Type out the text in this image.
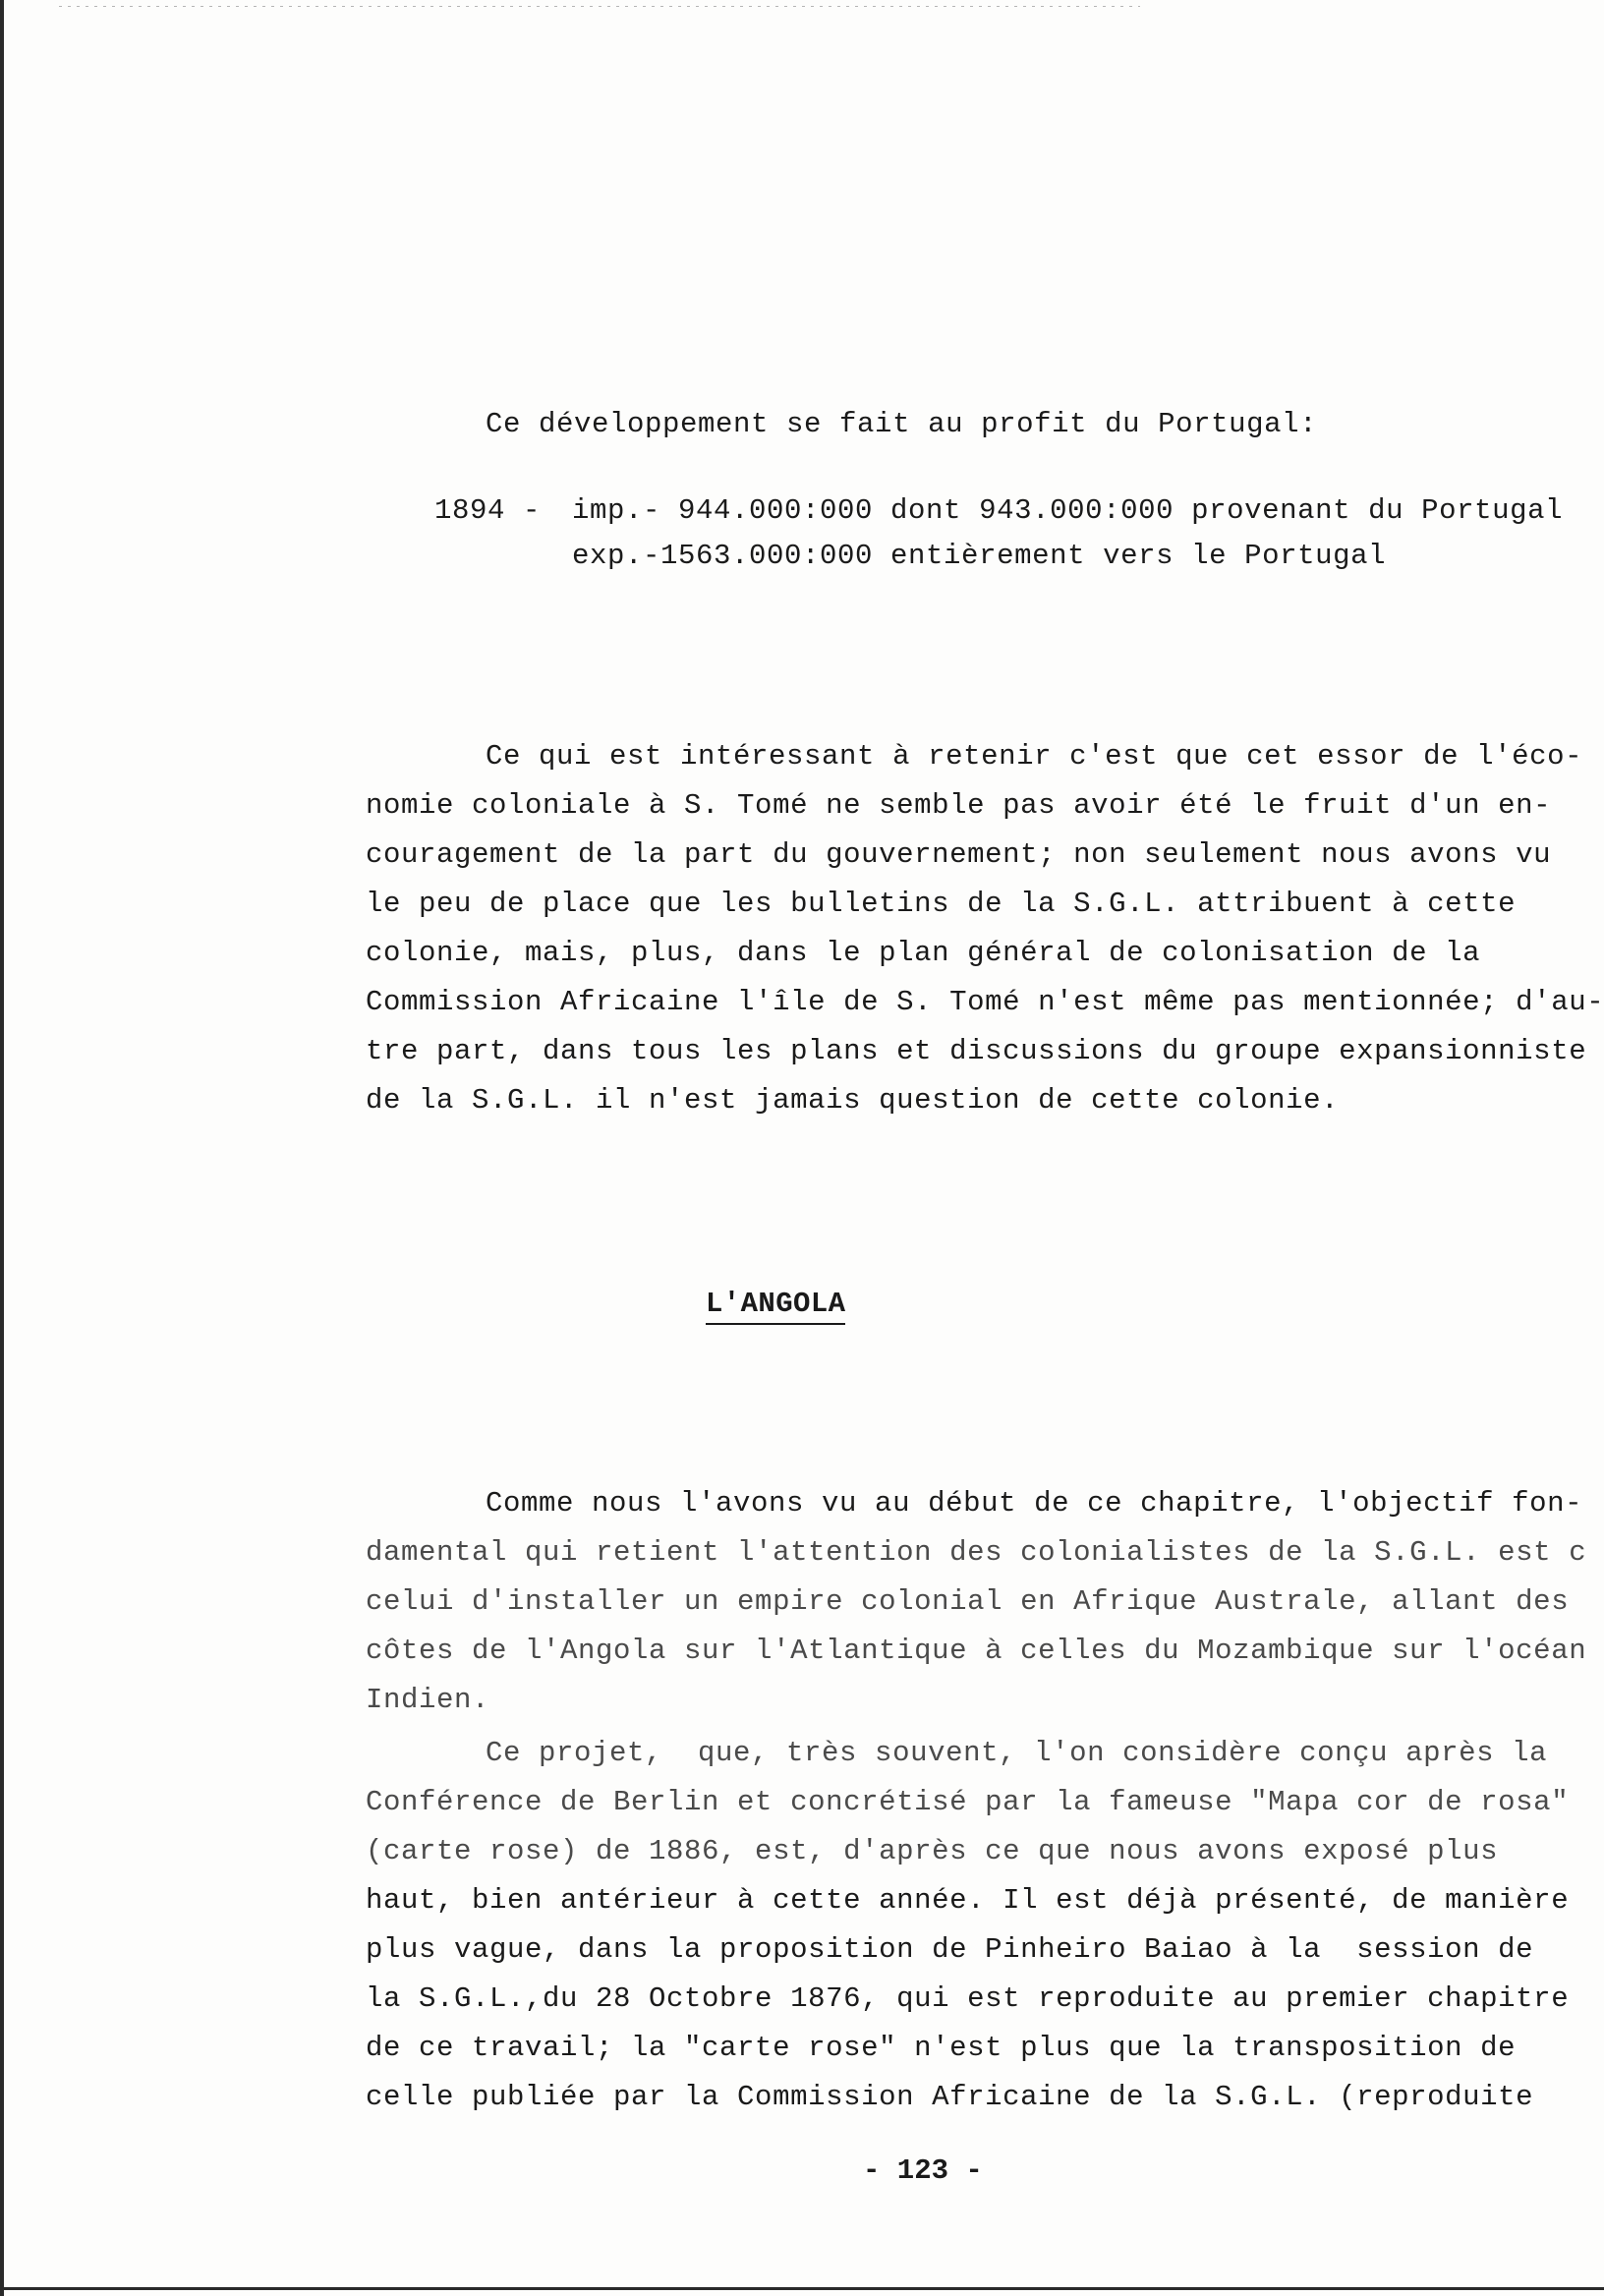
Ce développement se fait au profit du Portugal:
1894 - imp.- 944.000:000 dont 943.000:000 provenant du Portugal
exp.-1563.000:000 entièrement vers le Portugal
Ce qui est intéressant à retenir c'est que cet essor de l'éco-
nomie coloniale à S. Tomé ne semble pas avoir été le fruit d'un en-
couragement de la part du gouvernement; non seulement nous avons vu
le peu de place que les bulletins de la S.G.L. attribuent à cette
colonie, mais, plus, dans le plan général de colonisation de la
Commission Africaine l'île de S. Tomé n'est même pas mentionnée; d'au-
tre part, dans tous les plans et discussions du groupe expansionniste
de la S.G.L. il n'est jamais question de cette colonie.
L'ANGOLA
Comme nous l'avons vu au début de ce chapitre, l'objectif fon-
damental qui retient l'attention des colonialistes de la S.G.L. est c
celui d'installer un empire colonial en Afrique Australe, allant des
côtes de l'Angola sur l'Atlantique à celles du Mozambique sur l'océan
Indien.
Ce projet,  que, très souvent, l'on considère conçu après la
Conférence de Berlin et concrétisé par la fameuse "Mapa cor de rosa"
(carte rose) de 1886, est, d'après ce que nous avons exposé plus
haut, bien antérieur à cette année. Il est déjà présenté, de manière
plus vague, dans la proposition de Pinheiro Baiao à la  session de
la S.G.L.,du 28 Octobre 1876, qui est reproduite au premier chapitre
de ce travail; la "carte rose" n'est plus que la transposition de
celle publiée par la Commission Africaine de la S.G.L. (reproduite
- 123 -
